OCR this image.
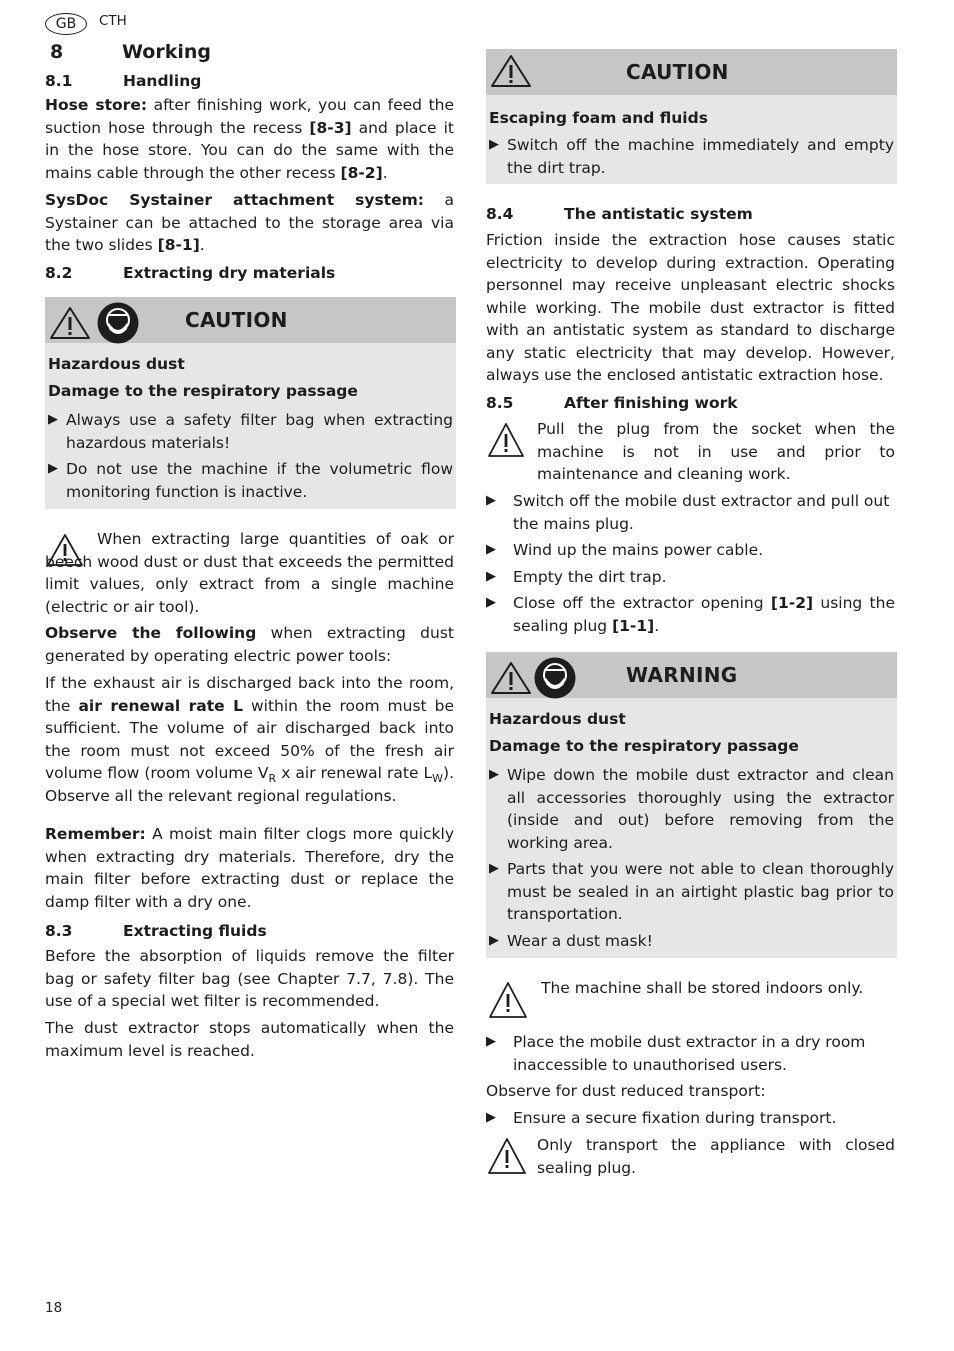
GB	CTH
8	Working
8.1	Handling

Hose store: after finishing work, you can feed the suction hose through the recess [8-3] and place it in the hose store. You can do the same with the mains cable through the other recess [8-2].

SysDoc Systainer attachment system: a Systainer can be attached to the storage area via the two slides [8-1].

8.2	Extracting dry materials
CAUTION
Hazardous dust
Damage to the respiratory passage
▶ Always use a safety filter bag when extracting hazardous materials!
▶ Do not use the machine if the volumetric flow monitoring function is inactive.

When extracting large quantities of oak or beech wood dust or dust that exceeds the permitted limit values, only extract from a single machine (electric or air tool).

Observe the following when extracting dust generated by operating electric power tools:

If the exhaust air is discharged back into the room, the air renewal rate L within the room must be sufficient. The volume of air discharged back into the room must not exceed 50% of the fresh air volume flow (room volume $V_R$ x air renewal rate $L_W$). Observe all the relevant regional regulations.

Remember: A moist main filter clogs more quickly when extracting dry materials. Therefore, dry the main filter before extracting dust or replace the damp filter with a dry one.

8.3	Extracting fluids

Before the absorption of liquids remove the filter bag or safety filter bag (see Chapter 7.7, 7.8). The use of a special wet filter is recommended.

The dust extractor stops automatically when the maximum level is reached.

CAUTION
Escaping foam and fluids
▶ Switch off the machine immediately and empty the dirt trap.
8.4	The antistatic system

Friction inside the extraction hose causes static electricity to develop during extraction. Operating personnel may receive unpleasant electric shocks while working. The mobile dust extractor is fitted with an antistatic system as standard to discharge any static electricity that may develop. However, always use the enclosed antistatic extraction hose.

8.5	After finishing work

Pull the plug from the socket when the machine is not in use and prior to maintenance and cleaning work.

▶	Switch off the mobile dust extractor and pull out the mains plug.
▶	Wind up the mains power cable.
▶	Empty the dirt trap.
▶	Close off the extractor opening [1-2] using the sealing plug [1-1].
WARNING
Hazardous dust
Damage to the respiratory passage
▶ Wipe down the mobile dust extractor and clean all accessories thoroughly using the extractor (inside and out) before removing from the working area.
▶ Parts that you were not able to clean thoroughly must be sealed in an airtight plastic bag prior to transportation.
▶ Wear a dust mask!

The machine shall be stored indoors only.

▶	Place the mobile dust extractor in a dry room inaccessible to unauthorised users.

Observe for dust reduced transport:

▶	Ensure a secure fixation during transport.

Only transport the appliance with closed sealing plug.

18
